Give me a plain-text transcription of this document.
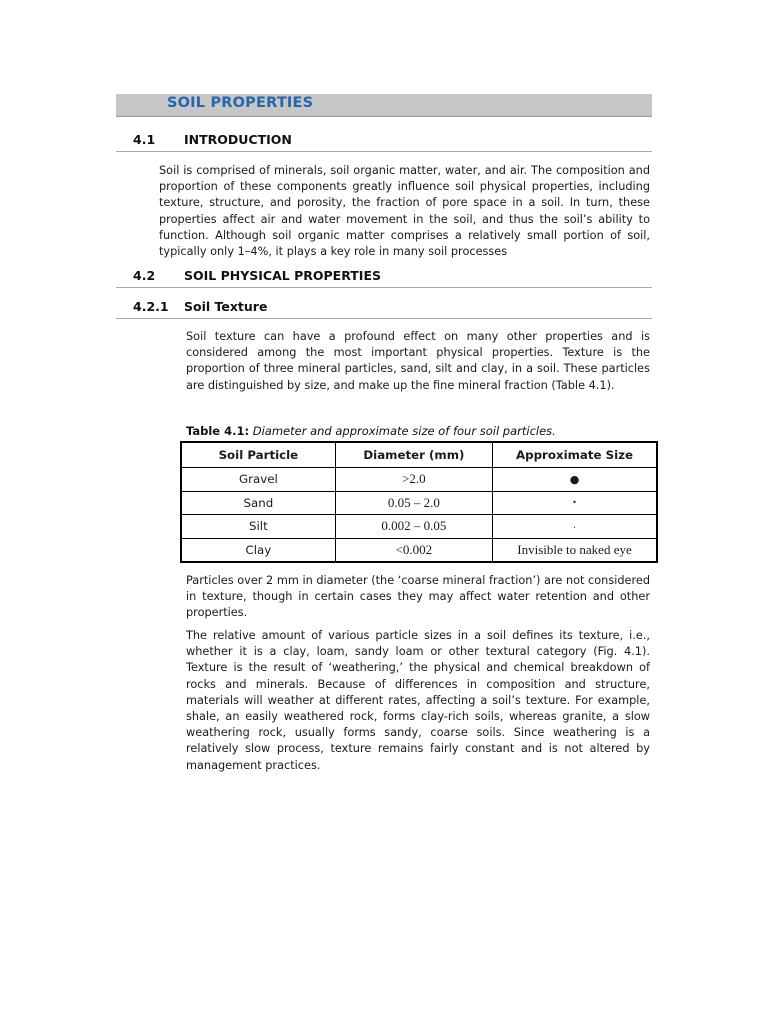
SOIL PROPERTIES
4.1 INTRODUCTION

Soil is comprised of minerals, soil organic matter, water, and air. The composition and proportion of these components greatly influence soil physical properties, including texture, structure, and porosity, the fraction of pore space in a soil. In turn, these properties affect air and water movement in the soil, and thus the soil’s ability to function. Although soil organic matter comprises a relatively small portion of soil, typically only 1–4%, it plays a key role in many soil processes

4.2 SOIL PHYSICAL PROPERTIES
4.2.1 Soil Texture

Soil texture can have a profound effect on many other properties and is considered among the most important physical properties. Texture is the proportion of three mineral particles, sand, silt and clay, in a soil. These particles are distinguished by size, and make up the fine mineral fraction (Table 4.1).

Table 4.1: Diameter and approximate size of four soil particles.
Soil Particle	Diameter (mm)	Approximate Size
Gravel	>2.0	●
Sand	0.05 – 2.0	•
Silt	0.002 – 0.05	.
Clay	<0.002	Invisible to naked eye

Particles over 2 mm in diameter (the ‘coarse mineral fraction’) are not considered in texture, though in certain cases they may affect water retention and other properties.

The relative amount of various particle sizes in a soil defines its texture, i.e., whether it is a clay, loam, sandy loam or other textural category (Fig. 4.1). Texture is the result of ‘weathering,’ the physical and chemical breakdown of rocks and minerals. Because of differences in composition and structure, materials will weather at different rates, affecting a soil’s texture. For example, shale, an easily weathered rock, forms clay-rich soils, whereas granite, a slow weathering rock, usually forms sandy, coarse soils. Since weathering is a relatively slow process, texture remains fairly constant and is not altered by management practices.
